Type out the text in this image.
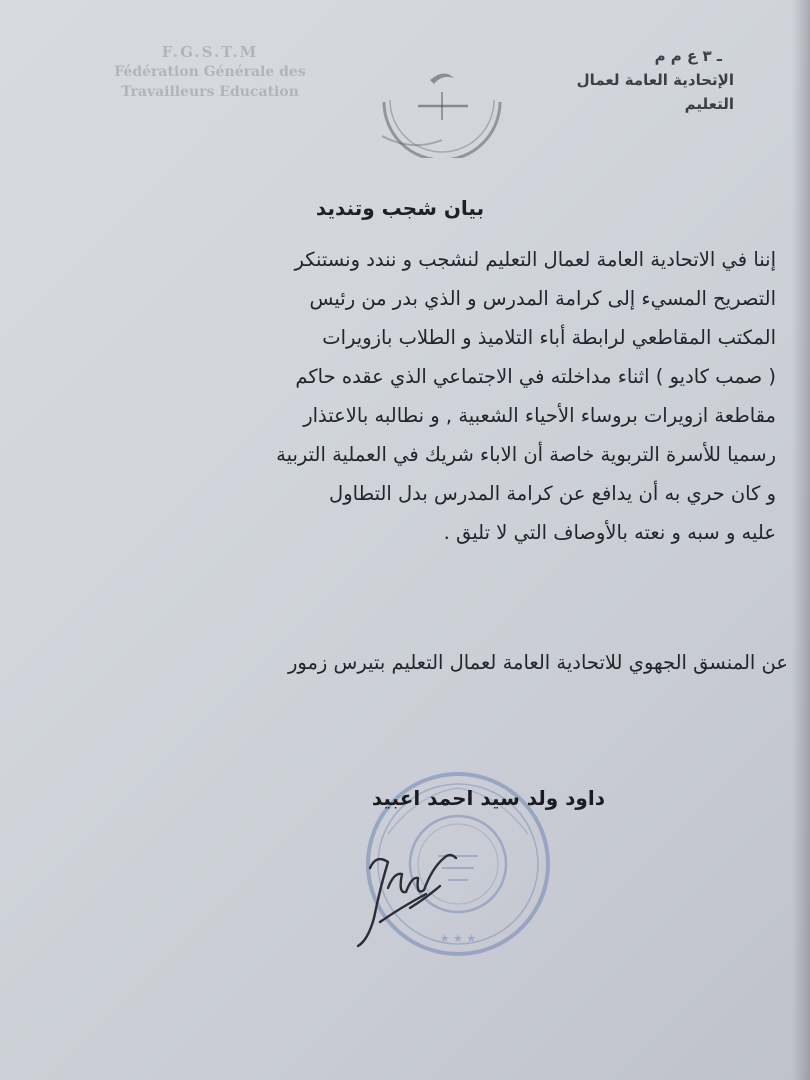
F.G.S.T.M
Fédération Générale des
Travailleurs Education
ـ ٣ ع م م
الإتحادية العامة لعمال
التعليم
بيان شجب وتنديد
إننا في الاتحادية العامة لعمال التعليم لنشجب و نندد ونستنكر
التصريح المسيء إلى كرامة المدرس و الذي بدر من رئيس
المكتب المقاطعي لرابطة أباء التلاميذ و الطلاب بازويرات
( صمب كاديو ) اثناء مداخلته في الاجتماعي الذي عقده حاكم
مقاطعة ازويرات بروساء الأحياء الشعبية , و نطالبه بالاعتذار
رسميا للأسرة التربوية خاصة أن الاباء شريك في العملية التربية
و كان حري به أن يدافع عن كرامة المدرس بدل التطاول
عليه و سبه و نعته بالأوصاف التي لا تليق .
عن المنسق الجهوي للاتحادية العامة لعمال التعليم بتيرس زمور
★ ★ ★
داود ولد سيد احمد اعبيد
